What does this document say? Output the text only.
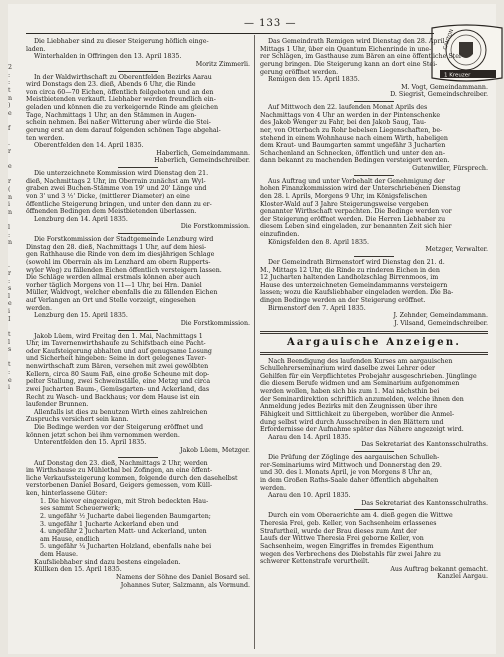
CANTON
1 Kreuzer
— 133 —
2
:
:
t
n
)
e

f

.
r

e

r
(
n
i
n

l
:
n

.
r
:
s
l
e
i
I

t
l
s

t
:
e
i

Die Liebhaber sind zu dieser Steigerung höflich einge-

laden.

Winterhalden in Offringen den 13. April 1835.

Moritz Zimmerli.

In der Waldwirthschaft zu Oberentfelden Bezirks Aarau

wird Donstags den 23. dieß, Abends 6 Uhr, die Rinde

von circa 60—70 Eichen, öffentlich feilgeboten und an den

Meistbietenden verkauft. Liebhaber werden freundlich ein-

geladen und können die zu verkeigernde Rinde am gleichen

Tage, Nachmittags 1 Uhr, an den Stämmen in Augen-

schein nehmen. Bei naßer Witterung aber würde die Stei-

gerung erst an dem darauf folgenden schönen Tage abgehal-

ten werden.

Oberentfelden den 14. April 1835.

Haberlich, Gemeindammann.

Haberlich, Gemeindschreiber.

Die unterzeichnete Kommission wird Dienstag den 21.

dieß, Nachmittags 2 Uhr, im Oberrain zunächst am Wyl-

graben zwei Buchen-Stämme von 19' und 20' Länge und

von 3' und 3 ½' Dicke, (mittlerer Diameter) an eine

öffentliche Steigerung bringen, und unter den dann zu er-

öffnenden Bedingen dem Meistbietenden überlassen.

Lenzburg den 14. April 1835.

Die Forstkommission.

Die Forstkommission der Stadtgemeinde Lenzburg wird

Dinstag den 28. dieß, Nachmittags 1 Uhr, auf dem hiesi-

gen Rathhause die Rinde von dem im diesjährigen Schlage

(sowohl im Oberrain als im Lenzhard am obern Rupperts-

wyler Weg) zu fällenden Eichen öffentlich versteigern lassen.

Die Schläge werden allmal erstmals können aber auch

vorher täglich Morgens von 11—1 Uhr, bei Hrn. Daniel

Müller, Waldvogt, welcher ebenfalls die zu fällenden Eichen

auf Verlangen an Ort und Stelle vorzeigt, eingesehen

werden.

Lenzburg den 15. April 1835.

Die Forstkommission.

Jakob Lüem, wird Freitag den 1. Mai, Nachmittags 1

Uhr, im Tavernenwirthshaufe zu Schifstbach eine Pacht-

oder Kaufsteigerung abhalten und auf genugsame Losung

und Sicherheit hingeben: Seine in dort gelegenes Taver-

nenwirthschaft zum Bären, versehen mit zwei gewölbten

Kellern, circa 80 Saum Faß, eine große Scheune mit dop-

pelter Stallung, zwei Schweinställe, eine Metzg und circa

zwei Jucharten Baum-, Gemüsgarten- und Ackerland, das

Recht zu Wasch- und Backhaus; vor dem Hause ist ein

laufender Brunnen.

Allenfalls ist dies zu benutzen Wirth eines zahlreichen

Zuspruchs versichert sein kann.

Die Bedinge werden vor der Steigerung eröffnet und

können jetzt schon bei ihm vernommen werden.

Unterentfelden den 15. April 1835.

Jakob Lüem, Metzger.

Auf Donstag den 23. dieß, Nachmittags 2 Uhr, werden

im Wirthshause zu Mühlethal bei Zofingen, an eine öffent-

liche Verkaufssteigerung kommen, folgende durch den dasehelbst

verstorbenen Daniel Bosard, Geigers gemessen, vom Küll-

ken, hinterlassene Güter:

1. Die hievor eingezeigen, mit Stroh bedeckten Hau-

ses sammt Scheuerwerk;

2. ungefähr ½ Jucharte dabei liegenden Baumgarten;

3. ungefähr 1 Jucharte Ackerland eben und

4. ungefähr 2 Jucharten Matt- und Ackerland, unten

am Hause, endlich

5. ungefähr ¼ Jucharten Holzland, ebenfalls nahe bei

dem Hause.

Kaufsliebhaber sind dazu bestens eingeladen.

Küllken den 15. April 1835.

Namens der Söhne des Daniel Bosard sel.

Johannes Suter, Salzmann, als Vormund.

Das Gemeindrath Remigen wird Dienstag den 28. April

Mittags 1 Uhr, über ein Quantum Eichenrinde in une-

rer Schlägen, im Gasthause zum Bären an eine öffentliche Stei-

gerung bringen. Die Steigerung kann an dort eine Stei-

gerung eröffnet werden.

Remigen den 15. April 1835.

M. Vogt, Gemeindammann.

D. Siegrist, Gemeindschreiber.

Auf Mittwoch den 22. laufenden Monat Aprils des

Nachmittags von 4 Uhr an werden in der Pintenschenke

des Jakob Wenger zu Fahr, bei den Jakob Saug, Tau-

ner, von Otterbach zu Rohr bebelsen Liegenschaften, be-

stehend in einem Wohnhause nach einem Wirth, habeligen

dem Kraut- und Baumgarten sammt ungefähr 3 Jucharten

Schachenland an Schnecken, öffentlich und unter den an-

dann bekannt zu machenden Bedingen versteigert werden.

Gutenwiller, Fürsprech.

Aus Auftrag und unter Vorbehalt der Genehmigung der

hohen Finanzkommission wird der Unterschriebenen Dienstag

den 28. l. Aprils, Morgens 9 Uhr, im Königsfelischen

Kloster-Wald auf 3 Jahre Steigerungsweise vergeben

genannter Wirthschaft verpachten. Die Bedinge werden vor

der Steigerung eröffnet werden. Die Herren Liebhaber zu

diesem Leben sind eingeladen, zur benannten Zeit sich hier

einzufinden.

Königsfelden den 8. April 1835.

Metzger, Verwalter.

Der Gemeindrath Birmenstorf wird Dienstag den 21. d.

M., Mittags 12 Uhr, die Rinde zu rinderen Eichen in den

12 Jucharten haltenden Landholzschlag Birrenmoos, im

Hause des unterzeichneten Gemeindammanns versteigern

lassen; wozu die Kaufsliebhaber eingeladen werden. Die Ba-

dingen Bedinge werden an der Steigerung eröffnet.

Birmenstorf den 7. April 1835.

J. Zehnder, Gemeindammann.

J. Vilsand, Gemeindschreiber.

Aargauische Anzeigen.

Nach Beendigung des laufenden Kurses am aargauischen

Schullehrerseminarium wird daselbe zwei Lehrer oder

Gehilfen für ein Verpflichtetes Probejahr ausgeschrieben. Jünglinge

die diesem Berufe widmen und am Seminarium aufgenommen

werden wollen, haben sich bis zum 1. Mai nächsthin bei

der Seminardirektion schriftlich anzumelden, welche ihnen den

Anmeldung jedes Bezirks mit den Zeugnissen über ihre

Fähigkeit und Sittlichkeit zu übergeben, worüber die Anmel-

dung selbst wird durch Ausschreiben in den Blättern und

Erfordernisse der Aufnahme später das Nähere angezeigt wird.

Aarau den 14. April 1835.

Das Sekretariat des Kantonsschulraths.

Die Prüfung der Zöglinge des aargauischen Schulleh-

rer-Seminariums wird Mittwoch und Donnerstag den 29.

und 30. des l. Monats April, je von Morgens 8 Uhr an,

in dem Großen Raths-Saale daher öffentlich abgehalten

werden.

Aarau den 10. April 1835.

Das Sekretariat des Kantonsschulraths.

Durch ein vom Oberaerichte am 4. dieß gegen die Wittwe

Theresia Frei, geb. Keller, von Sachsenheim erlassenes

Strafurtheil, wurde der Brau dieses zum Amt der

Laufs der Wittwe Theresia Frei geborne Keller, von

Sachsenheim, wegen Eingriffes in fremdes Eigenthum

wegen des Verbrechens des Diebstahls für zwei Jahre zu

schwerer Kettenstrafe verurtheilt.

Aus Auftrag bekannt gemacht.

Kanzlei Aargau.
